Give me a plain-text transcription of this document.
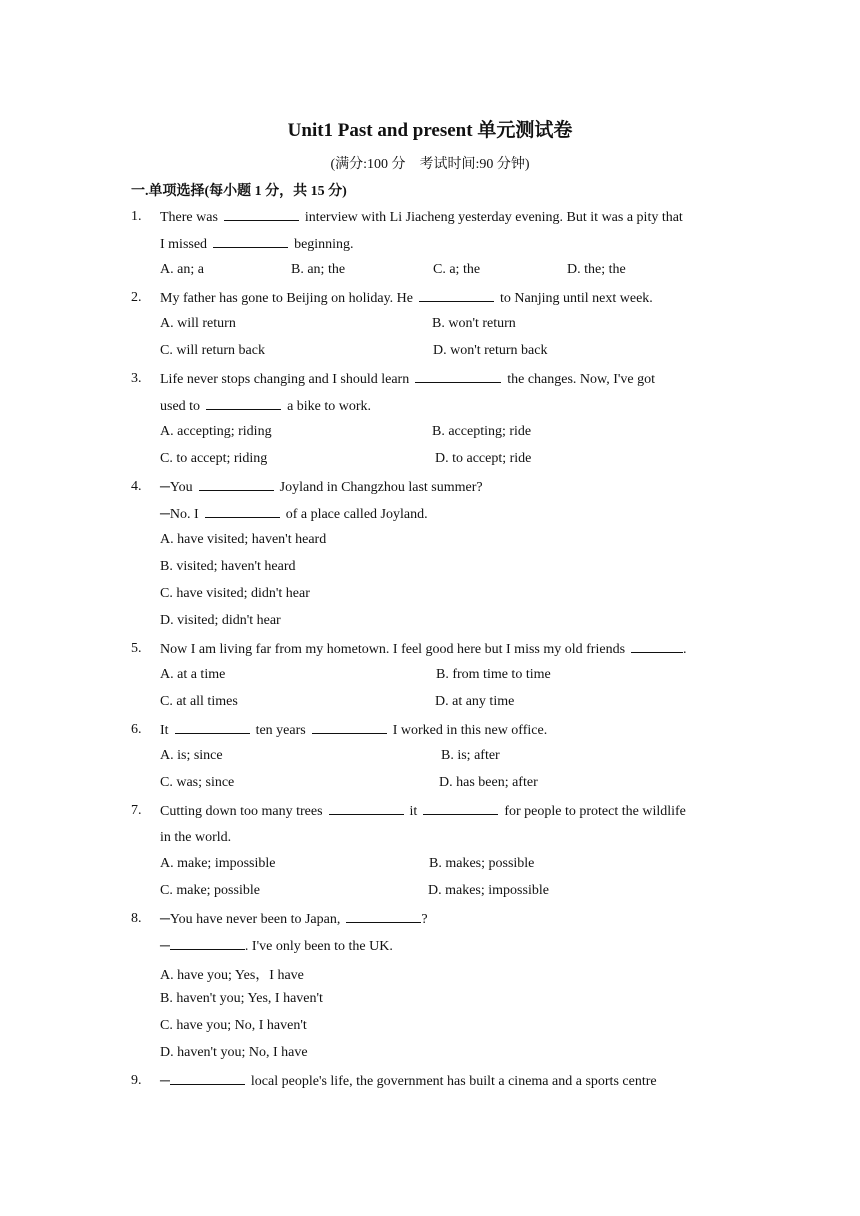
Unit1 Past and present 单元测试卷
(满分:100 分　考试时间:90 分钟)
一.单项选择(每小题 1 分，共 15 分)
1. There was	interview with Li Jiacheng yesterday evening. But it was a pity that
I missed	beginning.
A. an; a	B. an; the	C. a; the	D. the; the
2. My father has gone to Beijing on holiday. He	to Nanjing until next week.
A. will return	B. won't return
C. will return back	D. won't return back
3. Life never stops changing and I should learn	the changes. Now, I've got
used to	a bike to work.
A. accepting; riding	B. accepting; ride
C. to accept; riding	D. to accept; ride
4. ─You	Joyland in Changzhou last summer?
─No. I	of a place called Joyland.
A. have visited; haven't heard
B. visited; haven't heard
C. have visited; didn't hear
D. visited; didn't hear
5. Now I am living far from my hometown. I feel good here but I miss my old friends	.
A. at a time	B. from time to time
C. at all times	D. at any time
6. It	ten years	I worked in this new office.
A. is; since	B. is; after
C. was; since	D. has been; after
7. Cutting down too many trees	it	for people to protect the wildlife
in the world.
A. make; impossible	B. makes; possible
C. make; possible	D. makes; impossible
8. ─You have never been to Japan,	?
─	. I've only been to the UK.
A. have you; Yes，I have
B. haven't you; Yes, I haven't
C. have you; No, I haven't
D. haven't you; No, I have
9. ─	local people's life, the government has built a cinema and a sports centre
